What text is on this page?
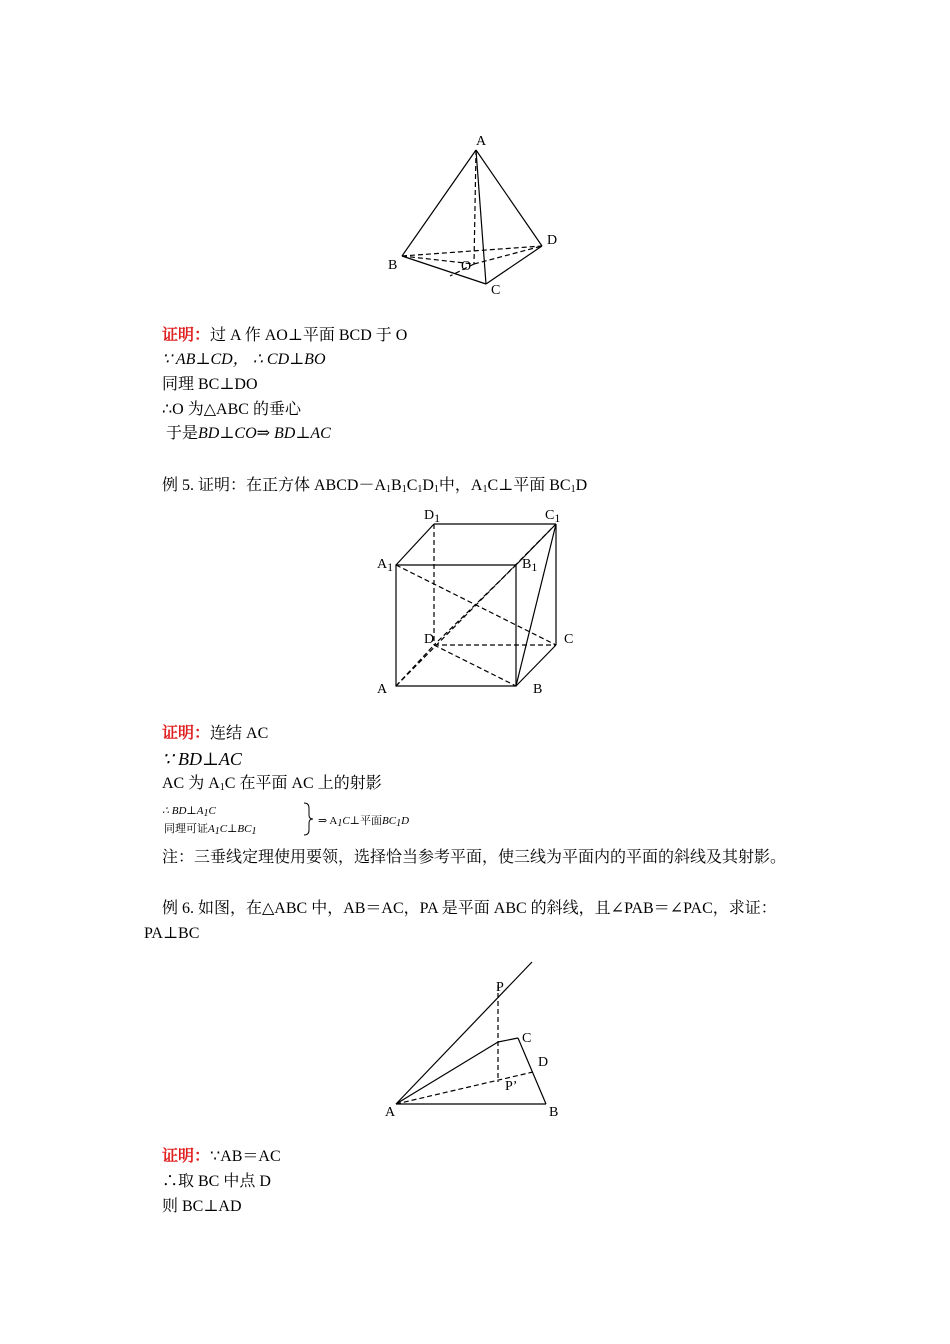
A
B
C
D
O
证明：过 A 作 AO⊥平面 BCD 于 O
∵ AB⊥CD， ∴ CD⊥BO
同理 BC⊥DO
∴O 为△ABC 的垂心
于是BD⊥CO⇒ BD⊥AC
例 5. 证明：在正方体 $ABCD-A_1B_1C_1D_1$中，$A_1C\perp$平面 $BC_1D$
D1	C1
A1	B1
D	C
A	B
证明：连结 AC
∵ BD⊥AC
AC 为 $A_1C$ 在平面 AC 上的射影
∴ $BD\perp A_1C$
同理可证$A_1C\perp BC_1$
⇒ $A_1C\perp$平面$BC_1D$
注：三垂线定理使用要领，选择恰当参考平面，使三线为平面内的平面的斜线及其射影。
例 6. 如图，在△ABC 中，AB＝AC，PA 是平面 ABC 的斜线，且∠PAB＝∠PAC，求证：
PA⊥BC
P
C
D
P’
A	B
证明：∵AB＝AC
∴取 BC 中点 D
则 BC⊥AD
